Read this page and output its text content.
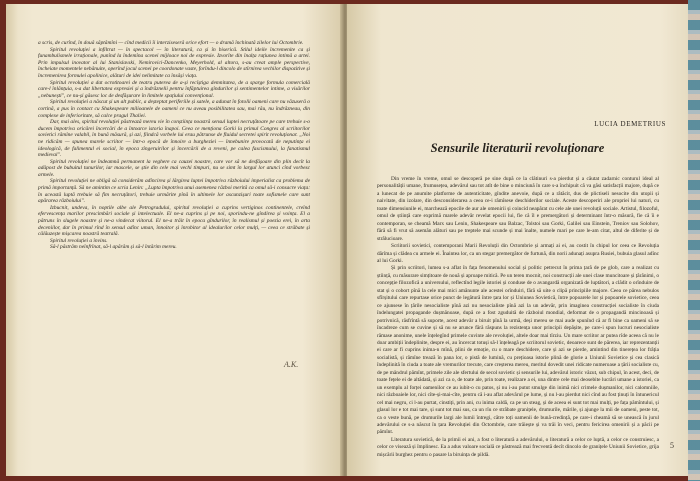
a scris, de curînd, în două săptămîni — cînd medicii îi interziseseră orice efort — o dramă închinată zilelor lui Octombrie.

Spiritul revoluției a infiltrat — în spectacol — în literatură, ca și în biserică. Stilul ideile încremenite ca și funambulismele irraționale, punînd la îndemîna scenei mijloace noi de expresie. Izvorîte din înalța rațiunea intimă a artei. Prin impulsul inovator al lui Stanislavski, Nemirovici-Dancenko, Meyerhold, al altora, s-au creat ample perspective, încheiate momentele nebănuite, operînd jocul scenei pe coordonate vaste, forîndu-l dincolo de stîrnirea vechilor dispozitive și încremenirea formulei apolinice, alături de idei nelimitate ca însăși viața.

Spiritul revoluției a dat ocrotitoarei de teatru puterea de a-și recîștiga demnitatea, de a sparge formula comercială care-l înlănțuia, s-a dat libertatea expresiei și a îndrăznelii pentru înfăptuirea gîndurilor și sentimentelor intime, a visărilor „nebunești", ce nu-și găsesc loc de desfășurare în limitele spațiului convențional.

Spiritul revoluției a născut și un alt public, a deșteptat periferiile și satele, a adunat în fotolii oameni care nu văzuseră o cortină, a pus în contact cu Shakespeare milioanele de oameni ce nu aveau posibilitatea sau, mai rău, nu îndrăzneau, din complexe de inferioritate, să calce pragul Thaliei.

Dar, mai ales, spiritul revoluției păstrează mereu vie în conștiința noastră sensul luptei necruțătoare pe care trebuie s-o ducem împotriva oricărei încercări de a întoarce istoria înapoi. Ceea ce menționa Gorki la primul Congres al scriitorilor sovietici rămîne valabil, în bună măsură, și azi, fiindcă vorbele lui erau pătrunse de fluidul secretei spirit revoluționar. „Noi ne ridicăm — spunea marele scriitor — într-o epocă de înnoire a burgheziei — înnebunire provocată de neputința ei ideologică, de falimentul ei social, în epoca zîngeruirilor și încercării de a reveni, pe calea fascismului, la fanatismul medieval".

Spiritul revoluției ne îndeamnă permanent la veghere ca cauzei noastre, care vor să ne desfășoare din plin decît la adăpost de bubuitul tunurilor, iar mascele, se știe din cele mai vechi timpuri, nu se simt în largul lor atunci cînd vorbesc armele.

Spiritul revoluției ne obligă să considerăm adîncirea și lărgirea luptei împotriva războiului imperialist ca problema de primă importanță. Să ne amintim ce scria Lenin: „Lupta împotriva unui asemenea război merită ca omul să-i consacre viața: în această luptă trebuie să fim necruțători, trebuie urmărite pînă în ultimele lor ascunzișuri toate sofismele care sunt apărarea războiului".

Izbucnit, undeva, în noptile albe ale Petrogradului, spiritul revoluției a cuprins vertiginos continentele, creînd efervescența marilor prescimbări sociale și intelectuale. El ne-a cuprins și pe noi, sporindu-ne gîndirea și voința. El a pătruns în slugele noastre și ne-a vindecat viitorul. El ne-a trăit în epoca gîndurilor, în realismul și poezia erei, în arta deceniilor, dar în primul rînd în sensul adînc uman, înnoitor și înrobitor al idealurilor celor mulți, — ceea ce străbate și călăuzește mișcarea noastră teatrală.

Spiritul revoluției a învins.

Să-l păstrăm neînfrînat, să-l apărăm și să-l întărim mereu.

A.K.
LUCIA DEMETRIUS
Sensurile literaturii revoluționare

Din vreme în vreme, omul se descoperă pe sine după ce la clătinuri s-a pierdut și a căutat zadarnic conturul ideal al personalității umane, frumusețea, adevărul sau tot atît de bine o minciună în care s-a închipuit că va găsi satisfacții majore, după ce a lunecat de pe anumite platforme de autenticitate, gîndite anevoie, după ce a rătăcit, dus de plictiseli nesocite din utopii și naivitate, din izolare, din desconsiderarea a ceea ce-i rămîsese deschiderilor sociale. Aceste descoperiri ale propriei lui naturi, cu toate dimensiunile ei, marchează epocile de aur ale omenirii și coincid neapărat cu cele ale unei revoluții sociale. Artistul, filozoful, omul de știință care exprimă marele adevăr revelat epocii lui, fie că îl e premergători și determinant într-o măsură, fie că îi e contemporan, se cheamă Marx sau Lenin, Shakespeare sau Balzac, Tolstoi sau Gorki, Galilei sau Einstein, Treniov sau Solohov, fără să fi vrut să asemăn alături sau pe treptele mai scunde și mai înalte, numele mari pe care le-am citat, altul de diferite și de strălucioare.

Scriitorii sovietici, contemporani Marii Revoluții din Octombrie și armați ai ei, au costit în chipul lor ceea ce Revoluția dărîma și clădea cu armele ei. Înaintea lor, ca un stegar premergător de furtună, din norii adunați asupra Rusiei, bubuia glasul adînc al lui Gorki.

Și prin scriitori, lumea s-a aflat în fața fenomenului social și politic petrecut în prima țară de pe glob, care a realizat cu știință, cu măsurare simțitoare de nouă și aproape mitică. Pe un teren mocnit, noi construcții ale unei clase muncitoare și țărănimi, o concepție filozofică a universului, reflectînd legile istoriei și conduse de o avangardă organizată de luptători, a clădit o orînduire de stat și o cobort pînă la cele mai mici amănunte ale acestei orînduiri, fără să uite o clipă principiile majore. Ceea ce părea nebulos sfîrșitului care repurtase orice punct de legătură între țara lor și Uniunea Sovietică, între popoarele lor și popoarele sovietice, ceea ce ajunsese în țările nesocialiste pînă azi nu nesocialiste pînă azi la un adevăr, prin imaginea construcției socialiste în ciuda îndelungatei propagande dușmănoase, după ce a fost zguduită de războiul mondial, deformat de o propagandă mincinoasă și potrivnică, răsfrîntă să suporte, acest adevăr a biruit pînă la urmă, deși mereu se mai aude spunînd că ar fi bine ca oameni să se încadreze cum se cuvine și să nu se arunce fără răspuns la rezistența unor principii depășite, pe care-i spun lucruri nesocialiste rămase anonime, unele înțelegînd primele cuvinte ale revoluției, altele doar mai tîrziu. Un mare scriitor ar putea rîde aceea că nu le doar ambiții îndeplinite, despre ei, au încercat totuși să-l înțeleagă pe scriitorul sovietic, deoarece sunt de părerea, iar reprezentanții ei care ar fi cuprins inima-n mînă, plini de emoție, cu o mare deschidere, care și azi se pierde, amintind din tinerețea lor frăția socialistă, și rămîne trează în pana lor, o pistă de lumină, cu prețioasa istorie plină de glorie a Uniunii Sovietice și cea clasică îndeplinită în ciuda a toate ale vremurilor trecute, care creșterea mereu, meritul dovedit unei ridicate numeroase a țării socialiste cu, de pe mândrul pămînt, primele zile ale sfertului de secol sovietic și sensurile lui, adevărul istoric văzut, sub chipul, în acest, deci, de toate fețele ei de altădată, și azi ca o, de toate ale, prin toate, realizare a ei, una dintre cele mai deosebite lucrări umane a istoriei, ca un exemplu al forței oamenilor ce au iubit-o cu patos, și nu i-au putut smulge din inimă nici crimele dușmanilor, nici calomniile, nici războaiele lor, nici cîte-și-mai-cîte, pentru că i-au aflat adevărul pe lume, și nu l-au pierdut nici cînd au fost ținuți în întunericul cel mai negru, ci l-au purtat, cinstiți, prin ani, cu inima caldă, ca pe un steag, și de aceea ei sunt tot mai mulți, pe fața pămîntului, și glasul lor e tot mai tare, și sunt tot mai sus, ca un rîu ce străbate granițele, drumurile, mările, și ajunge la mii de oameni, peste tot, ca o veste bună, pe drumurile largi ale lumii întregi, către toți oamenii de bună-credință, pe care-i cheamă să se unească în jurul adevărului ce s-a născut în țara Revoluției din Octombrie, care trăiește și va trăi în veci, pentru fericirea omenirii și a păcii pe pămînt.

Literatura sovietică, de la primii ei ani, a fost o literatură a adevărului, o literatură a celor ce luptă, a celor ce construiesc, a celor ce visează și împlinesc. Ea a adus valoare socială ce păstrează mai frecventă decît dincolo de granițele Uniunii Sovietice, grija mișcării burghez pentru o pasare la biruința de pildă.

5
